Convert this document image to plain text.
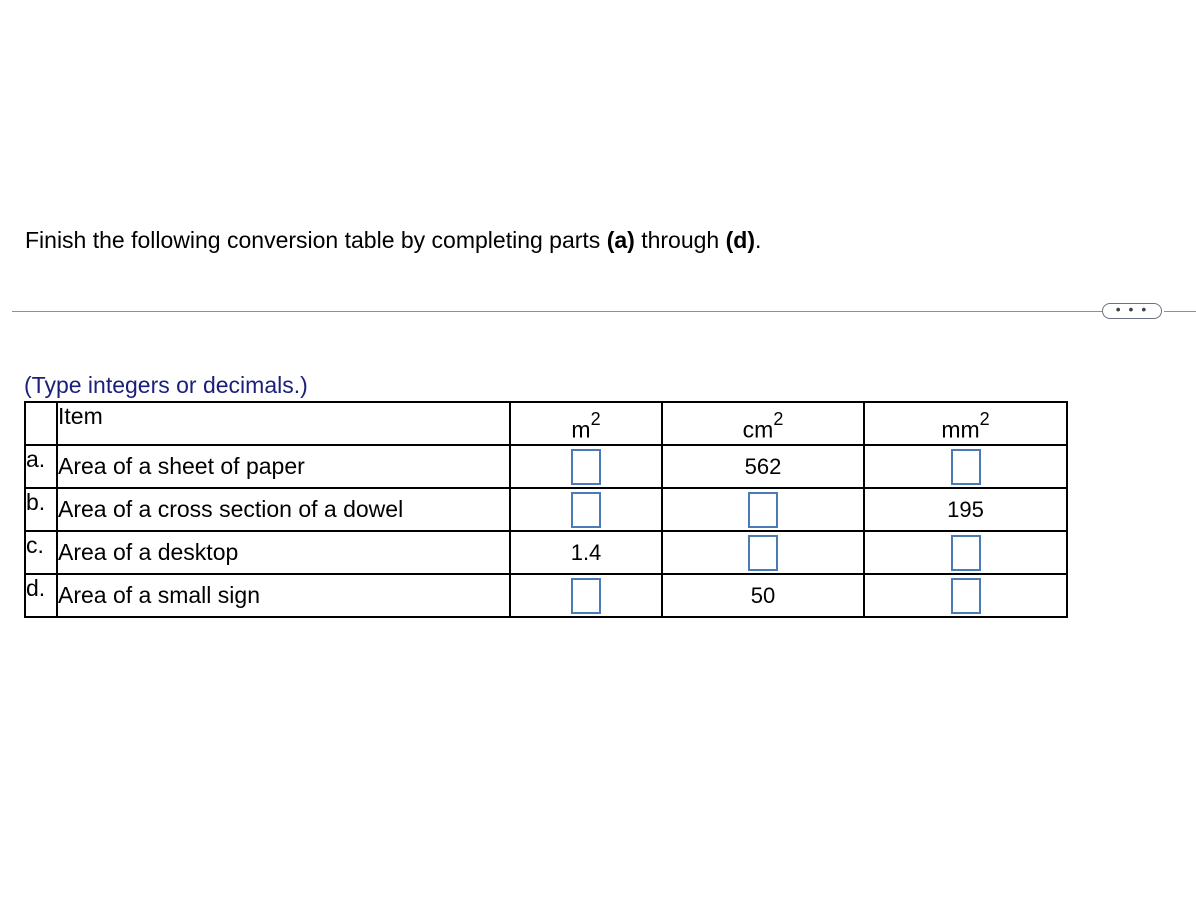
Finish the following conversion table by completing parts (a) through (d).
• • •
(Type integers or decimals.)
	Item	$m^2$	$cm^2$	$mm^2$
a.	Area of a sheet of paper		562	
b.	Area of a cross section of a dowel			195
c.	Area of a desktop	1.4		
d.	Area of a small sign		50	
